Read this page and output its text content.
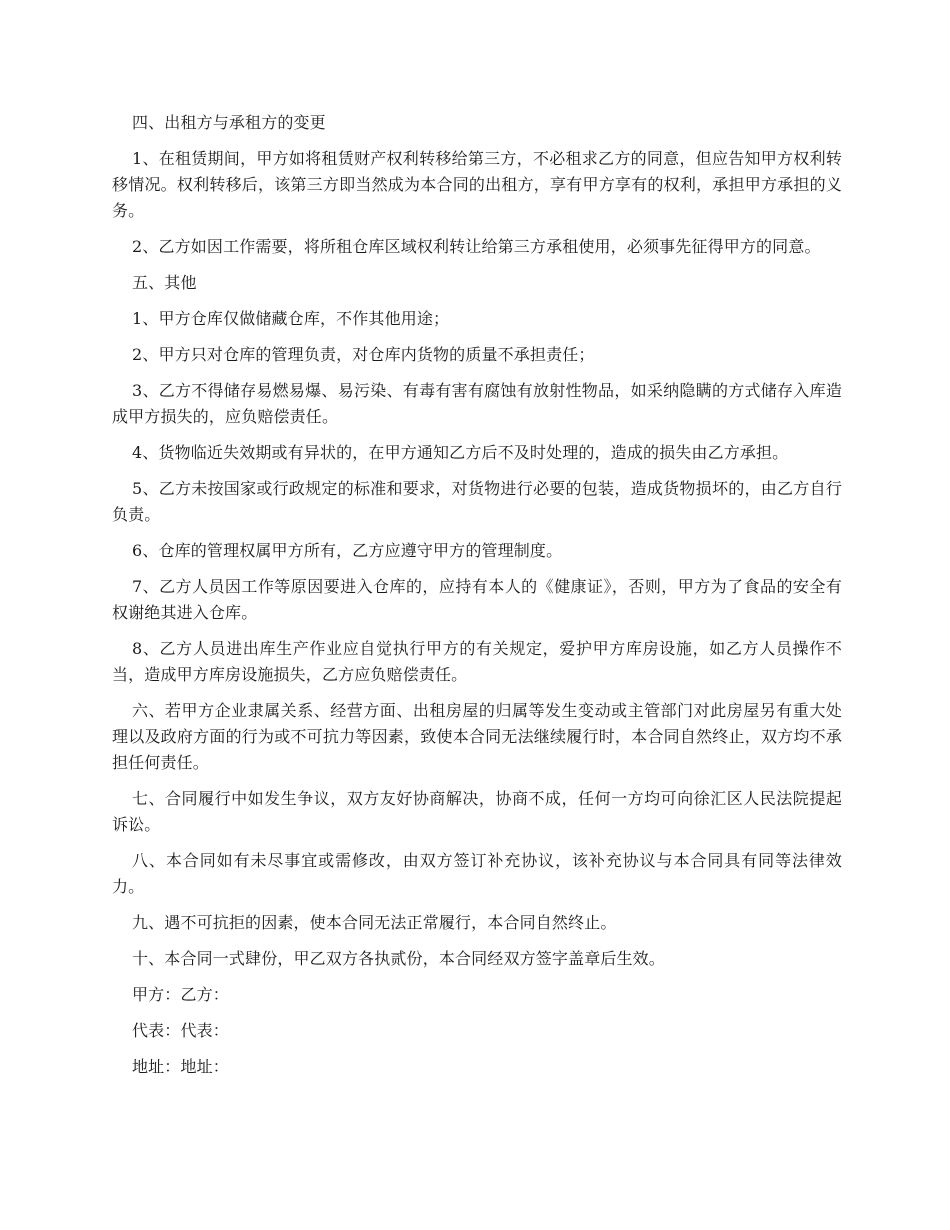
四、出租方与承租方的变更

1、在租赁期间，甲方如将租赁财产权利转移给第三方，不必租求乙方的同意，但应告知甲方权利转移情况。权利转移后，该第三方即当然成为本合同的出租方，享有甲方享有的权利，承担甲方承担的义务。

2、乙方如因工作需要，将所租仓库区域权利转让给第三方承租使用，必须事先征得甲方的同意。

五、其他

1、甲方仓库仅做储藏仓库，不作其他用途；

2、甲方只对仓库的管理负责，对仓库内货物的质量不承担责任；

3、乙方不得储存易燃易爆、易污染、有毒有害有腐蚀有放射性物品，如采纳隐瞒的方式储存入库造成甲方损失的，应负赔偿责任。

4、货物临近失效期或有异状的，在甲方通知乙方后不及时处理的，造成的损失由乙方承担。

5、乙方未按国家或行政规定的标准和要求，对货物进行必要的包装，造成货物损坏的，由乙方自行负责。

6、仓库的管理权属甲方所有，乙方应遵守甲方的管理制度。

7、乙方人员因工作等原因要进入仓库的，应持有本人的《健康证》，否则，甲方为了食品的安全有权谢绝其进入仓库。

8、乙方人员进出库生产作业应自觉执行甲方的有关规定，爱护甲方库房设施，如乙方人员操作不当，造成甲方库房设施损失，乙方应负赔偿责任。

六、若甲方企业隶属关系、经营方面、出租房屋的归属等发生变动或主管部门对此房屋另有重大处理以及政府方面的行为或不可抗力等因素，致使本合同无法继续履行时，本合同自然终止，双方均不承担任何责任。

七、合同履行中如发生争议，双方友好协商解决，协商不成，任何一方均可向徐汇区人民法院提起诉讼。

八、本合同如有未尽事宜或需修改，由双方签订补充协议，该补充协议与本合同具有同等法律效力。

九、遇不可抗拒的因素，使本合同无法正常履行，本合同自然终止。

十、本合同一式肆份，甲乙双方各执贰份，本合同经双方签字盖章后生效。

甲方：乙方：

代表：代表：

地址：地址：
